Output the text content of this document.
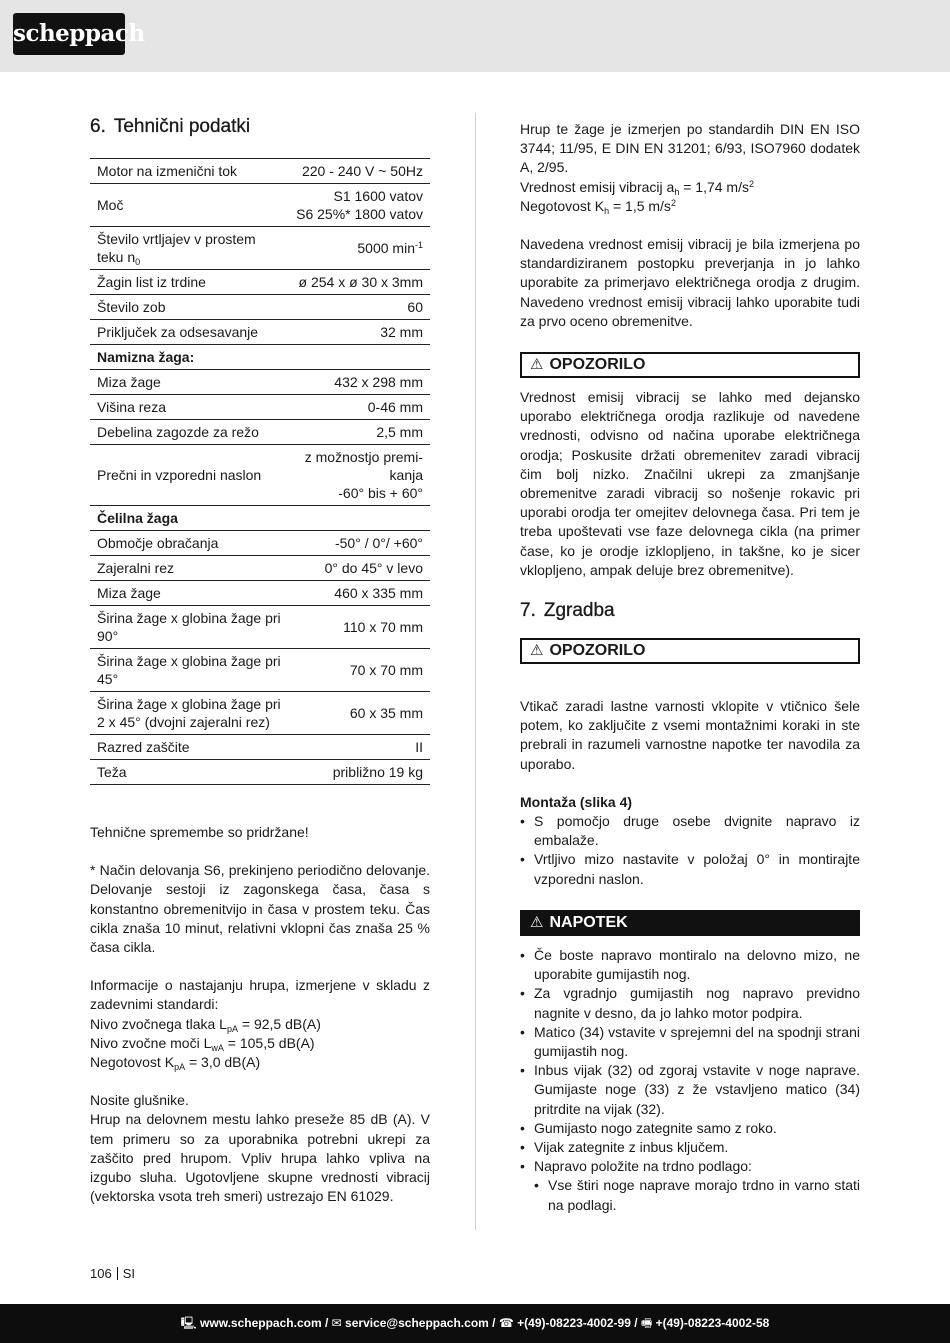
scheppach
6. Tehnični podatki
Motor na izmenični tok	220 - 240 V ~ 50Hz
Moč	S1 1600 vatov
S6 25%* 1800 vatov
Število vrtljajev v prostem teku $n_0$	5000 $\min^{-1}$
Žagin list iz trdine	ø 254 x ø 30 x 3mm
Število zob	60
Priključek za odsesavanje	32 mm
Namizna žaga:	
Miza žage	432 x 298 mm
Višina reza	0-46 mm
Debelina zagozde za režo	2,5 mm
Prečni in vzporedni naslon	z možnostjo premi-
kanja
-60° bis + 60°
Čelilna žaga	
Območje obračanja	-50° / 0°/ +60°
Zajeralni rez	0° do 45° v levo
Miza žage	460 x 335 mm
Širina žage x globina žage pri 90°	110 x 70 mm
Širina žage x globina žage pri 45°	70 x 70 mm
Širina žage x globina žage pri 2 x 45° (dvojni zajeralni rez)	60 x 35 mm
Razred zaščite	II
Teža	približno 19 kg

Tehnične spremembe so pridržane!

* Način delovanja S6, prekinjeno periodično delovanje. Delovanje sestoji iz zagonskega časa, časa s konstantno obremenitvijo in časa v prostem teku. Čas cikla znaša 10 minut, relativni vklopni čas znaša 25 % časa cikla.

Informacije o nastajanju hrupa, izmerjene v skladu z zadevnimi standardi:

Nivo zvočnega tlaka $L_{pA} = 92,5$ dB(A)

Nivo zvočne moči $L_{wA} = 105,5$ dB(A)

Negotovost $K_{pA} = 3,0$ dB(A)

Nosite glušnike.

Hrup na delovnem mestu lahko preseže 85 dB (A). V tem primeru so za uporabnika potrebni ukrepi za zaščito pred hrupom. Vpliv hrupa lahko vpliva na izgubo sluha. Ugotovljene skupne vrednosti vibracij (vektorska vsota treh smeri) ustrezajo EN 61029.

Hrup te žage je izmerjen po standardih DIN EN ISO 3744; 11/95, E DIN EN 31201; 6/93, ISO7960 dodatek A, 2/95.

Vrednost emisij vibracij $a_h = 1,74$ $m/s^2$

Negotovost $K_h = 1,5$ $m/s^2$

Navedena vrednost emisij vibracij je bila izmerjena po standardiziranem postopku preverjanja in jo lahko uporabite za primerjavo električnega orodja z drugim. Navedeno vrednost emisij vibracij lahko uporabite tudi za prvo oceno obremenitve.

⚠ OPOZORILO

Vrednost emisij vibracij se lahko med dejansko uporabo električnega orodja razlikuje od navedene vrednosti, odvisno od načina uporabe električnega orodja; Poskusite držati obremenitev zaradi vibracij čim bolj nizko. Značilni ukrepi za zmanjšanje obremenitve zaradi vibracij so nošenje rokavic pri uporabi orodja ter omejitev delovnega časa. Pri tem je treba upoštevati vse faze delovnega cikla (na primer čase, ko je orodje izklopljeno, in takšne, ko je sicer vklopljeno, ampak deluje brez obremenitve).

7. Zgradba
⚠ OPOZORILO

Vtikač zaradi lastne varnosti vklopite v vtičnico šele potem, ko zaključite z vsemi montažnimi koraki in ste prebrali in razumeli varnostne napotke ter navodila za uporabo.

Montaža (slika 4)

• S pomočjo druge osebe dvignite napravo iz embalaže.
• Vrtljivo mizo nastavite v položaj 0° in montirajte vzporedni naslon.
⚠ NAPOTEK
• Če boste napravo montiralo na delovno mizo, ne uporabite gumijastih nog.
• Za vgradnjo gumijastih nog napravo previdno nagnite v desno, da jo lahko motor podpira.
• Matico (34) vstavite v sprejemni del na spodnji strani gumijastih nog.
• Inbus vijak (32) od zgoraj vstavite v noge naprave. Gumijaste noge (33) z že vstavljeno matico (34) pritrdite na vijak (32).
• Gumijasto nogo zategnite samo z roko.
• Vijak zategnite z inbus ključem.
• Napravo položite na trdno podlago:
• Vse štiri noge naprave morajo trdno in varno stati na podlagi.
106 SI
🖳 www.scheppach.com / ✉ service@scheppach.com / ☎ +(49)-08223-4002-99 / 🖷 +(49)-08223-4002-58
